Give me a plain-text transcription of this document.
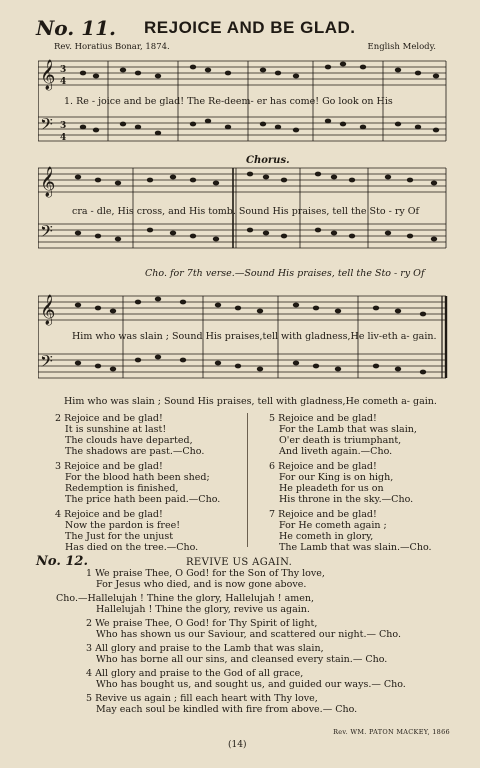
No. 11. REJOICE AND BE GLAD.
Rev. Horatius Bonar, 1874.	English Melody.
𝄞
𝄢
3
4
3
4
1. Re - joice and be glad! The Re-deem- er has come! Go look on His
Chorus.
𝄞
𝄢
cra - dle, His cross, and His tomb. Sound His praises, tell the Sto - ry Of
Cho. for 7th verse.—Sound His praises, tell the Sto - ry Of
𝄞
𝄢
Him who was slain ; Sound His praises,tell with gladness,He liv-eth a- gain.
Him who was slain ; Sound His praises, tell with gladness,He cometh a- gain.
2 Rejoice and be glad!
It is sunshine at last!
The clouds have departed,
The shadows are past.—Cho.
3 Rejoice and be glad!
For the blood hath been shed;
Redemption is finished,
The price hath been paid.—Cho.
4 Rejoice and be glad!
Now the pardon is free!
The Just for the unjust
Has died on the tree.—Cho.
5 Rejoice and be glad!
For the Lamb that was slain,
O'er death is triumphant,
And liveth again.—Cho.
6 Rejoice and be glad!
For our King is on high,
He pleadeth for us on
His throne in the sky.—Cho.
7 Rejoice and be glad!
For He cometh again ;
He cometh in glory,
The Lamb that was slain.—Cho.
No. 12.	REVIVE US AGAIN.
1 We praise Thee, O God! for the Son of Thy love,
For Jesus who died, and is now gone above.
Cho.—Hallelujah ! Thine the glory, Hallelujah ! amen,
Hallelujah ! Thine the glory, revive us again.
2 We praise Thee, O God! for Thy Spirit of light,
Who has shown us our Saviour, and scattered our night.— Cho.
3 All glory and praise to the Lamb that was slain,
Who has borne all our sins, and cleansed every stain.— Cho.
4 All glory and praise to the God of all grace,
Who has bought us, and sought us, and guided our ways.— Cho.
5 Revive us again ; fill each heart with Thy love,
May each soul be kindled with fire from above.— Cho.
Rev. WM. PATON MACKEY, 1866
(14)
